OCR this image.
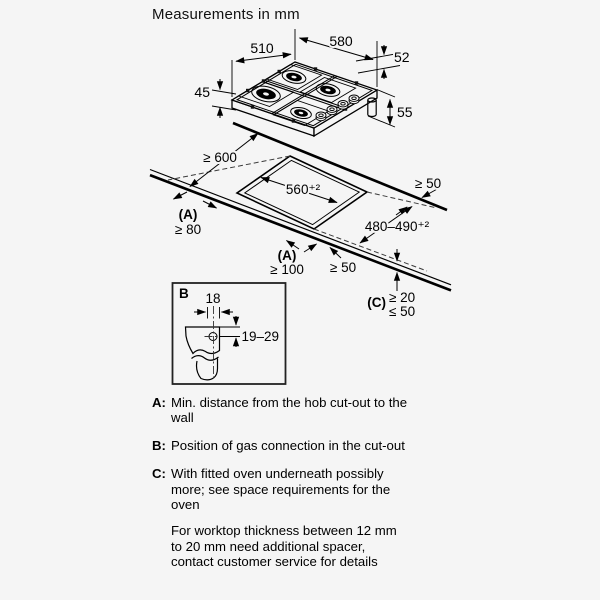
Measurements in mm
510	580
52
45
55
≥ 600
≥ 50
560⁺²
(A)
≥ 80	480–490⁺²
(A)
≥ 100 ≥ 50
(C) ≥ 20
≤ 50
B 18
19–29
A: Min. distance from the hob cut-out to the
wall
B: Position of gas connection in the cut-out
C: With fitted oven underneath possibly
more; see space requirements for the
oven
For worktop thickness between 12 mm
to 20 mm need additional spacer,
contact customer service for details
